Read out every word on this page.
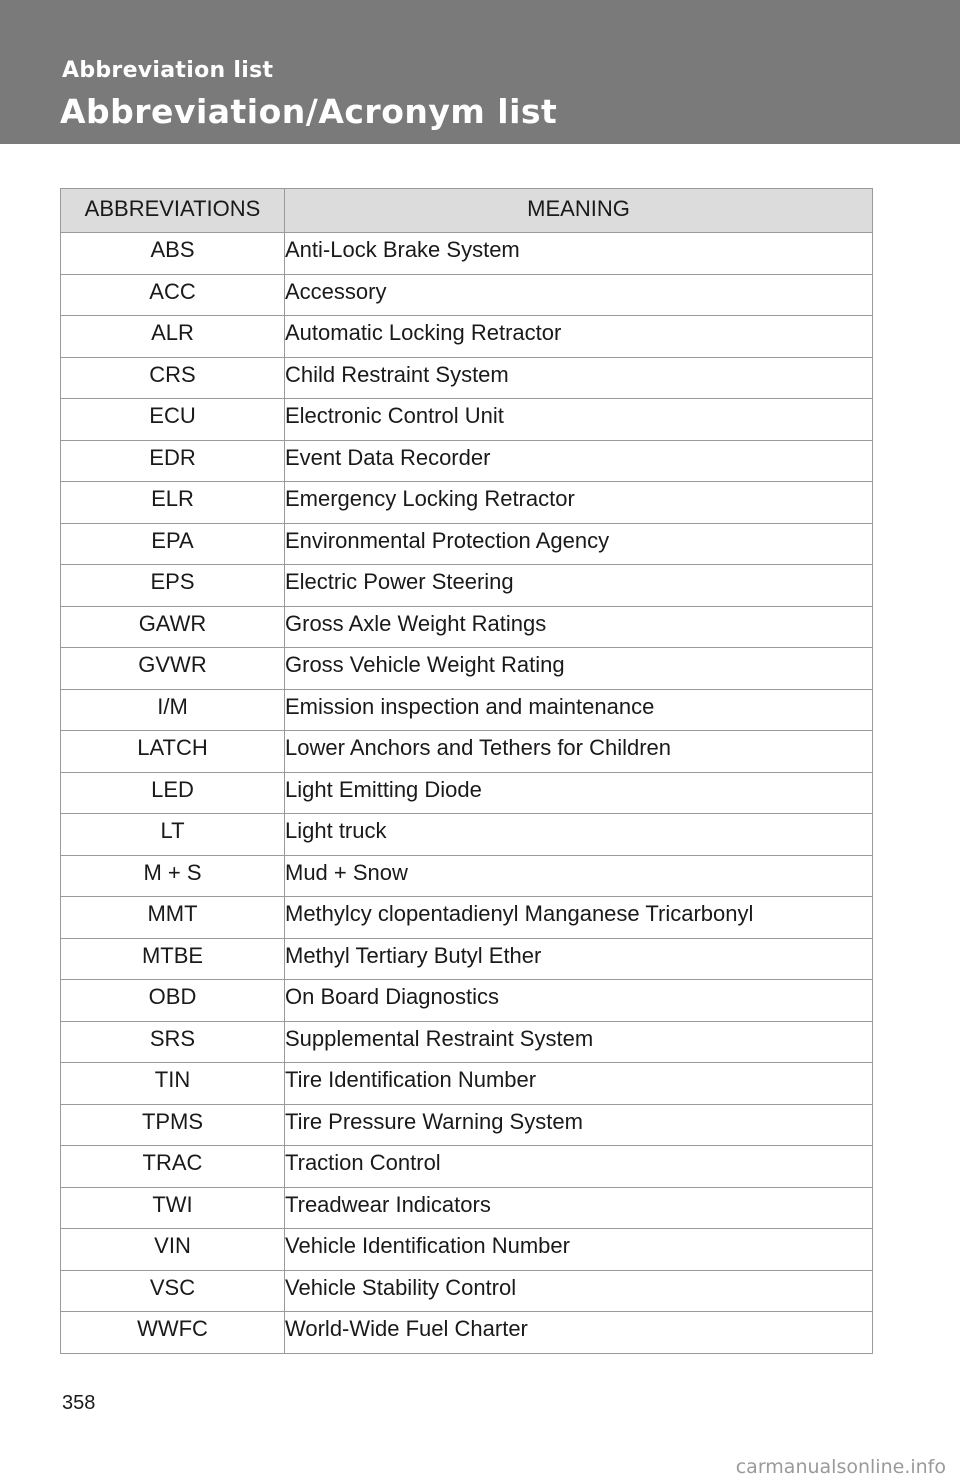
Abbreviation list
Abbreviation/Acronym list
ABBREVIATIONS	MEANING
ABS	Anti-Lock Brake System
ACC	Accessory
ALR	Automatic Locking Retractor
CRS	Child Restraint System
ECU	Electronic Control Unit
EDR	Event Data Recorder
ELR	Emergency Locking Retractor
EPA	Environmental Protection Agency
EPS	Electric Power Steering
GAWR	Gross Axle Weight Ratings
GVWR	Gross Vehicle Weight Rating
I/M	Emission inspection and maintenance
LATCH	Lower Anchors and Tethers for Children
LED	Light Emitting Diode
LT	Light truck
M + S	Mud + Snow
MMT	Methylcy clopentadienyl Manganese Tricarbonyl
MTBE	Methyl Tertiary Butyl Ether
OBD	On Board Diagnostics
SRS	Supplemental Restraint System
TIN	Tire Identification Number
TPMS	Tire Pressure Warning System
TRAC	Traction Control
TWI	Treadwear Indicators
VIN	Vehicle Identification Number
VSC	Vehicle Stability Control
WWFC	World-Wide Fuel Charter
358
carmanualsonline.info
